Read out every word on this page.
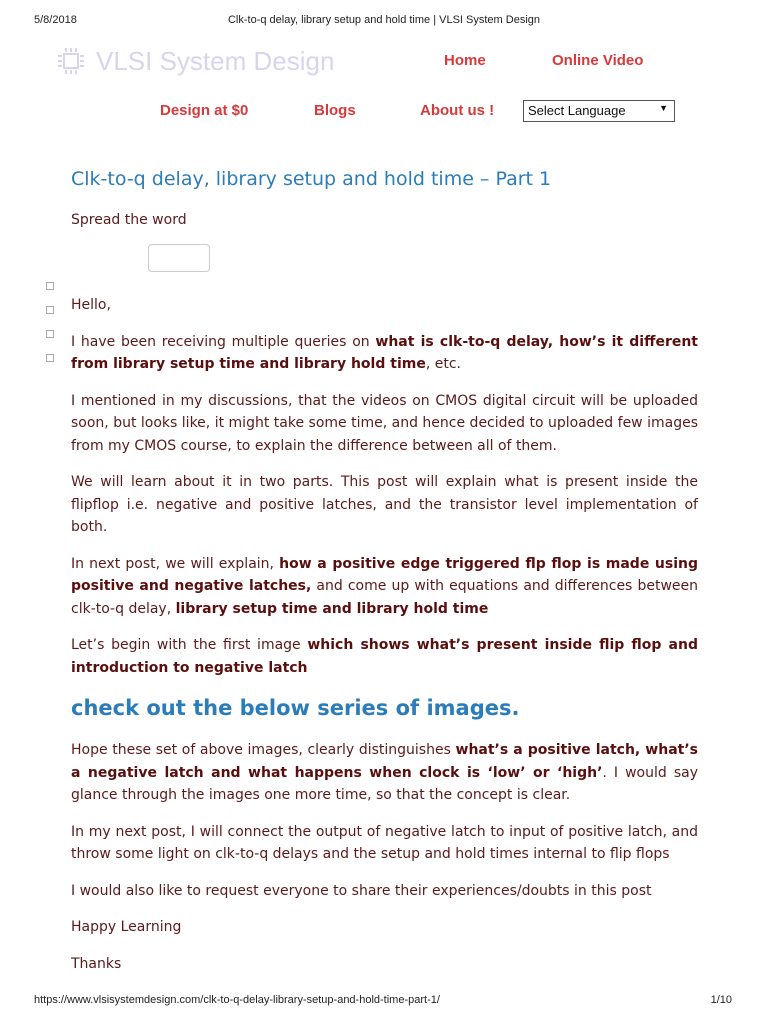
5/8/2018	Clk-to-q delay, library setup and hold time | VLSI System Design
VLSI System Design	Home	Online Video
Design at $0	Blogs	About us !	Select Language	▼
Clk-to-q delay, library setup and hold time – Part 1

Spread the word

Hello,

I have been receiving multiple queries on what is clk-to-q delay, how’s it different from library setup time and library hold time, etc.

I mentioned in my discussions, that the videos on CMOS digital circuit will be uploaded soon, but looks like, it might take some time, and hence decided to uploaded few images from my CMOS course, to explain the difference between all of them.

We will learn about it in two parts. This post will explain what is present inside the flipflop i.e. negative and positive latches, and the transistor level implementation of both.

In next post, we will explain, how a positive edge triggered flp flop is made using positive and negative latches, and come up with equations and differences between clk-to-q delay, library setup time and library hold time

Let’s begin with the first image which shows what’s present inside flip flop and introduction to negative latch

check out the below series of images.

Hope these set of above images, clearly distinguishes what’s a positive latch, what’s a negative latch and what happens when clock is ‘low’ or ‘high’. I would say glance through the images one more time, so that the concept is clear.

In my next post, I will connect the output of negative latch to input of positive latch, and throw some light on clk-to-q delays and the setup and hold times internal to flip flops

I would also like to request everyone to share their experiences/doubts in this post

Happy Learning

Thanks

https://www.vlsisystemdesign.com/clk-to-q-delay-library-setup-and-hold-time-part-1/	1/10
